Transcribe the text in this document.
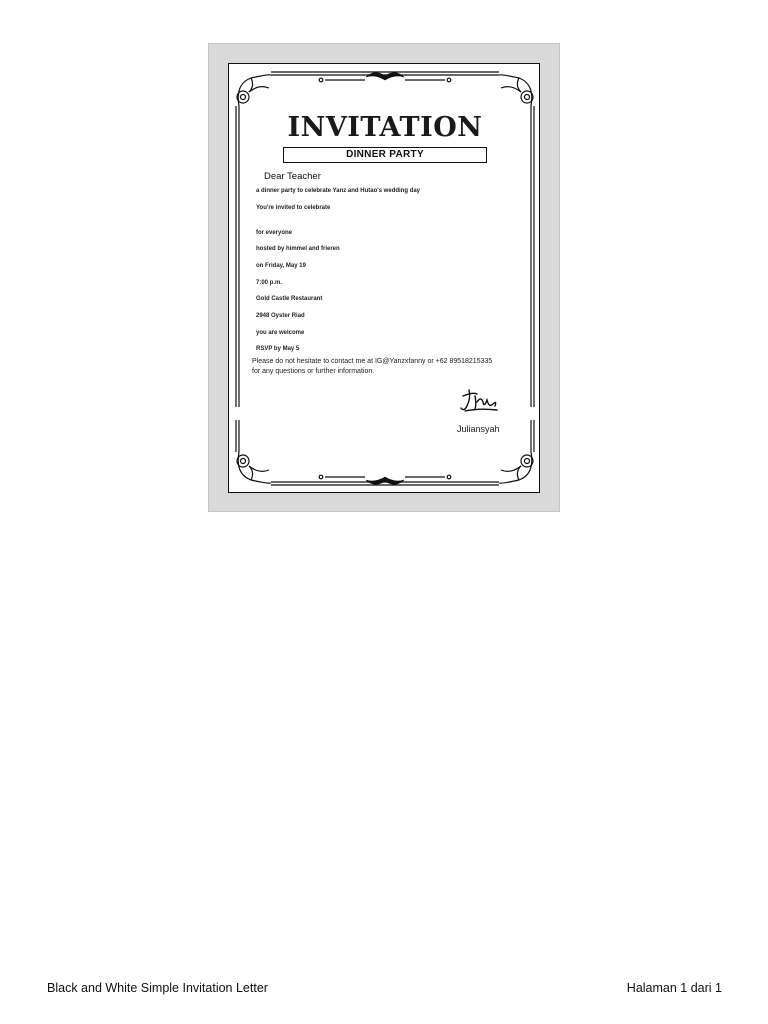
INVITATION
DINNER PARTY
Dear Teacher
a dinner party to celebrate Yanz and Hutao's wedding day
You're invited to celebrate
for everyone
hosted by himmel and frieren
on Friday, May 19
7:00 p.m.
Gold Castle Restaurant
2948 Oyster Riad
you are welcome
RSVP by May 5
Please do not hesitate to contact me at IG@Yanzxfanny or +62 89518215335 for any questions or further information.
Juliansyah
Black and White Simple Invitation Letter	Halaman 1 dari 1
